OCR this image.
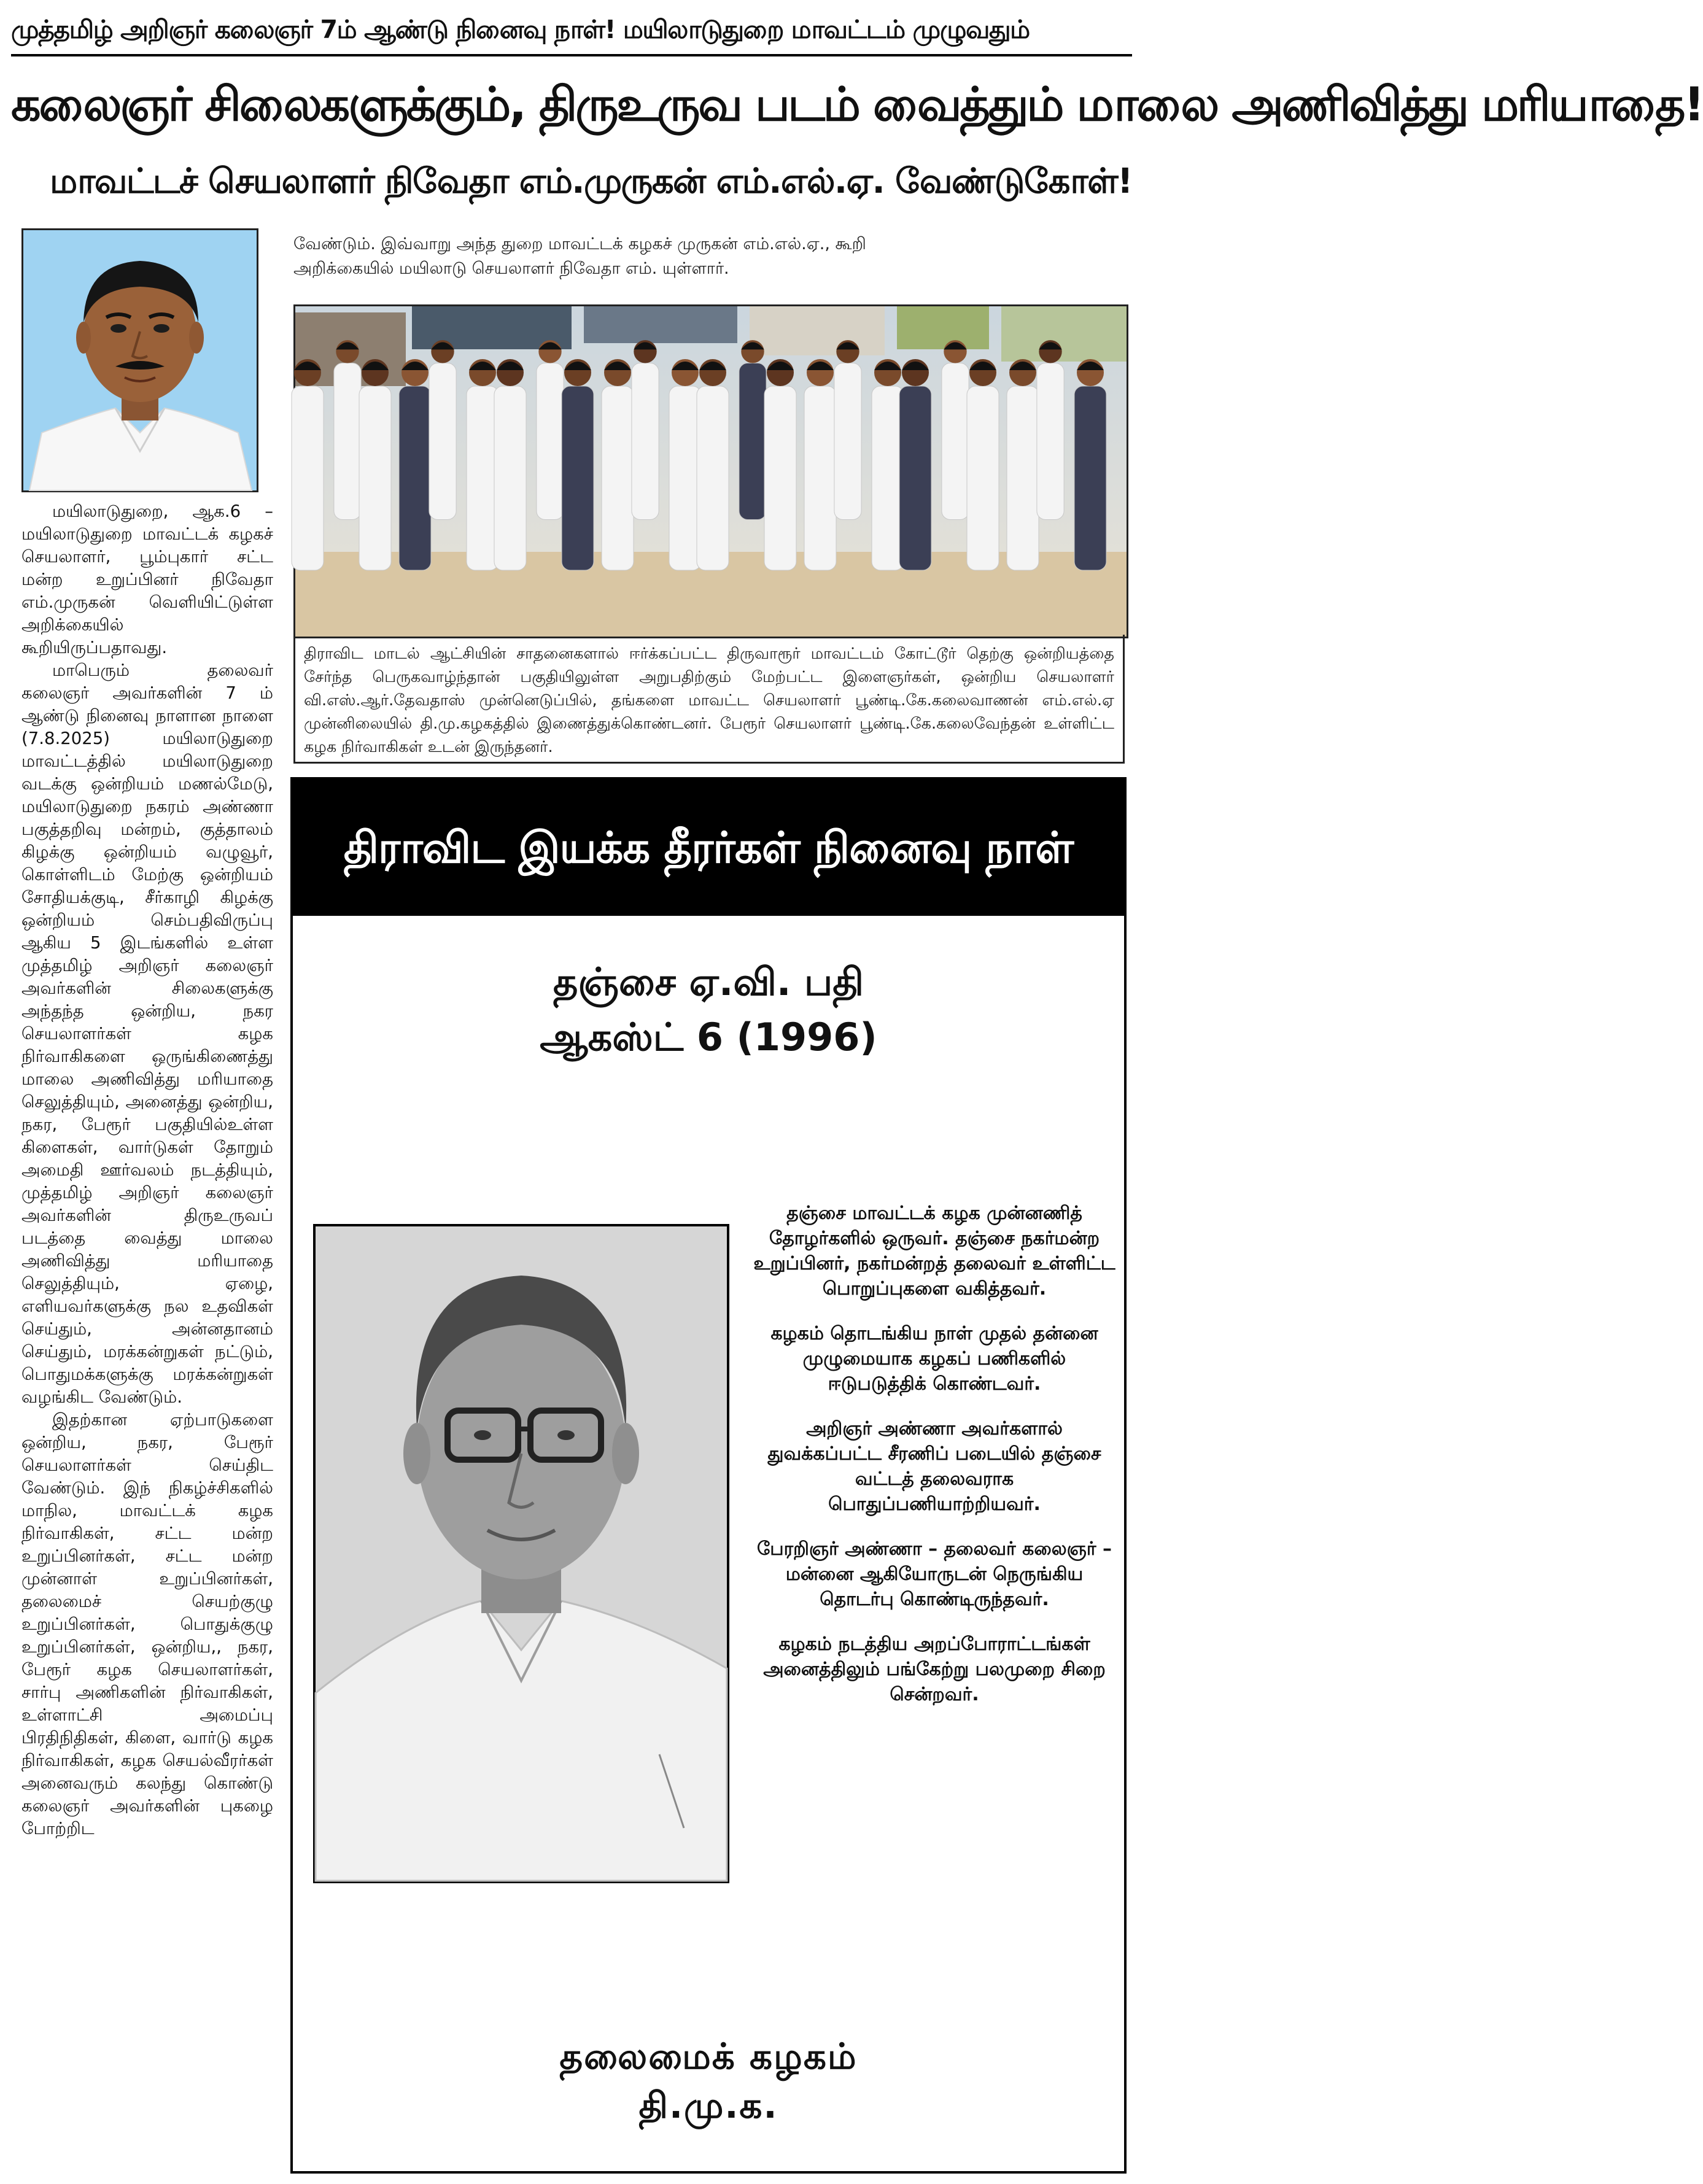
முத்தமிழ் அறிஞர் கலைஞர் 7ம் ஆண்டு நினைவு நாள்! மயிலாடுதுறை மாவட்டம் முழுவதும்
கலைஞர் சிலைகளுக்கும், திருஉருவ படம் வைத்தும் மாலை அணிவித்து மரியாதை!
மாவட்டச் செயலாளர் நிவேதா எம்.முருகன் எம்.எல்.ஏ. வேண்டுகோள்!

மயிலாடுதுறை, ஆக.6 – மயிலாடுதுறை மாவட்டக் கழகச் செயலாளர், பூம்புகார் சட்ட மன்ற உறுப்பினர் நிவேதா எம்.முருகன் வெளியிட்டுள்ள அறிக்கையில் கூறியிருப்பதாவது.

மாபெரும் தலைவர் கலைஞர் அவர்களின் 7 ம் ஆண்டு நினைவு நாளான நாளை (7.8.2025) மயிலாடுதுறை மாவட்டத்தில் மயிலாடுதுறை வடக்கு ஒன்றியம் மணல்மேடு, மயிலாடுதுறை நகரம் அண்ணா பகுத்தறிவு மன்றம், குத்தாலம் கிழக்கு ஒன்றியம் வழுவூர், கொள்ளிடம் மேற்கு ஒன்றியம் சோதியக்குடி, சீர்காழி கிழக்கு ஒன்றியம் செம்பதிவிருப்பு ஆகிய 5 இடங்களில் உள்ள முத்தமிழ் அறிஞர் கலைஞர் அவர்களின் சிலைகளுக்கு அந்தந்த ஒன்றிய, நகர செயலாளர்கள் கழக நிர்வாகிகளை ஒருங்கிணைத்து மாலை அணிவித்து மரியாதை செலுத்தியும், அனைத்து ஒன்றிய, நகர, பேரூர் பகுதியில்உள்ள கிளைகள், வார்டுகள் தோறும் அமைதி ஊர்வலம் நடத்தியும், முத்தமிழ் அறிஞர் கலைஞர் அவர்களின் திருஉருவப் படத்தை வைத்து மாலை அணிவித்து மரியாதை செலுத்தியும், ஏழை, எளியவர்களுக்கு நல உதவிகள் செய்தும், அன்னதானம் செய்தும், மரக்கன்றுகள் நட்டும், பொதுமக்களுக்கு மரக்கன்றுகள் வழங்கிட வேண்டும்.

இதற்கான ஏற்பாடுகளை ஒன்றிய, நகர, பேரூர் செயலாளர்கள் செய்திட வேண்டும். இந் நிகழ்ச்சிகளில் மாநில, மாவட்டக் கழக நிர்வாகிகள், சட்ட மன்ற உறுப்பினர்கள், சட்ட மன்ற முன்னாள் உறுப்பினர்கள், தலைமைச் செயற்குழு உறுப்பினர்கள், பொதுக்குழு உறுப்பினர்கள், ஒன்றிய,, நகர, பேரூர் கழக செயலாளர்கள், சார்பு அணிகளின் நிர்வாகிகள், உள்ளாட்சி அமைப்பு பிரதிநிதிகள், கிளை, வார்டு கழக நிர்வாகிகள், கழக செயல்வீரர்கள் அனைவரும் கலந்து கொண்டு கலைஞர் அவர்களின் புகழை போற்றிட

வேண்டும். இவ்வாறு அந்த துறை மாவட்டக் கழகச் முருகன் எம்.எல்.ஏ., கூறி
அறிக்கையில் மயிலாடு செயலாளர் நிவேதா எம். யுள்ளார்.
திராவிட மாடல் ஆட்சியின் சாதனைகளால் ஈர்க்கப்பட்ட திருவாரூர் மாவட்டம் கோட்டூர் தெற்கு ஒன்றியத்தை சேர்ந்த பெருகவாழ்ந்தான் பகுதியிலுள்ள அறுபதிற்கும் மேற்பட்ட இளைஞர்கள், ஒன்றிய செயலாளர் வி.எஸ்.ஆர்.தேவதாஸ் முன்னெடுப்பில், தங்களை மாவட்ட செயலாளர் பூண்டி.கே.கலைவாணன் எம்.எல்.ஏ முன்னிலையில் தி.மு.கழகத்தில் இணைத்துக்கொண்டனர். பேரூர் செயலாளர் பூண்டி.கே.கலைவேந்தன் உள்ளிட்ட கழக நிர்வாகிகள் உடன் இருந்தனர்.
திராவிட இயக்க தீரர்கள் நினைவு நாள்
தஞ்சை ஏ.வி. பதி
ஆகஸ்ட் 6 (1996)

தஞ்சை மாவட்டக் கழக முன்னணித் தோழர்களில் ஒருவர். தஞ்சை நகர்மன்ற உறுப்பினர், நகர்மன்றத் தலைவர் உள்ளிட்ட பொறுப்புகளை வகித்தவர்.

கழகம் தொடங்கிய நாள் முதல் தன்னை முழுமையாக கழகப் பணிகளில் ஈடுபடுத்திக் கொண்டவர்.

அறிஞர் அண்ணா அவர்களால் துவக்கப்பட்ட சீரணிப் படையில் தஞ்சை வட்டத் தலைவராக பொதுப்பணியாற்றியவர்.

பேரறிஞர் அண்ணா – தலைவர் கலைஞர் – மன்னை ஆகியோருடன் நெருங்கிய தொடர்பு கொண்டிருந்தவர்.

கழகம் நடத்திய அறப்போராட்டங்கள் அனைத்திலும் பங்கேற்று பலமுறை சிறை சென்றவர்.

தலைமைக் கழகம்
தி.மு.க.
